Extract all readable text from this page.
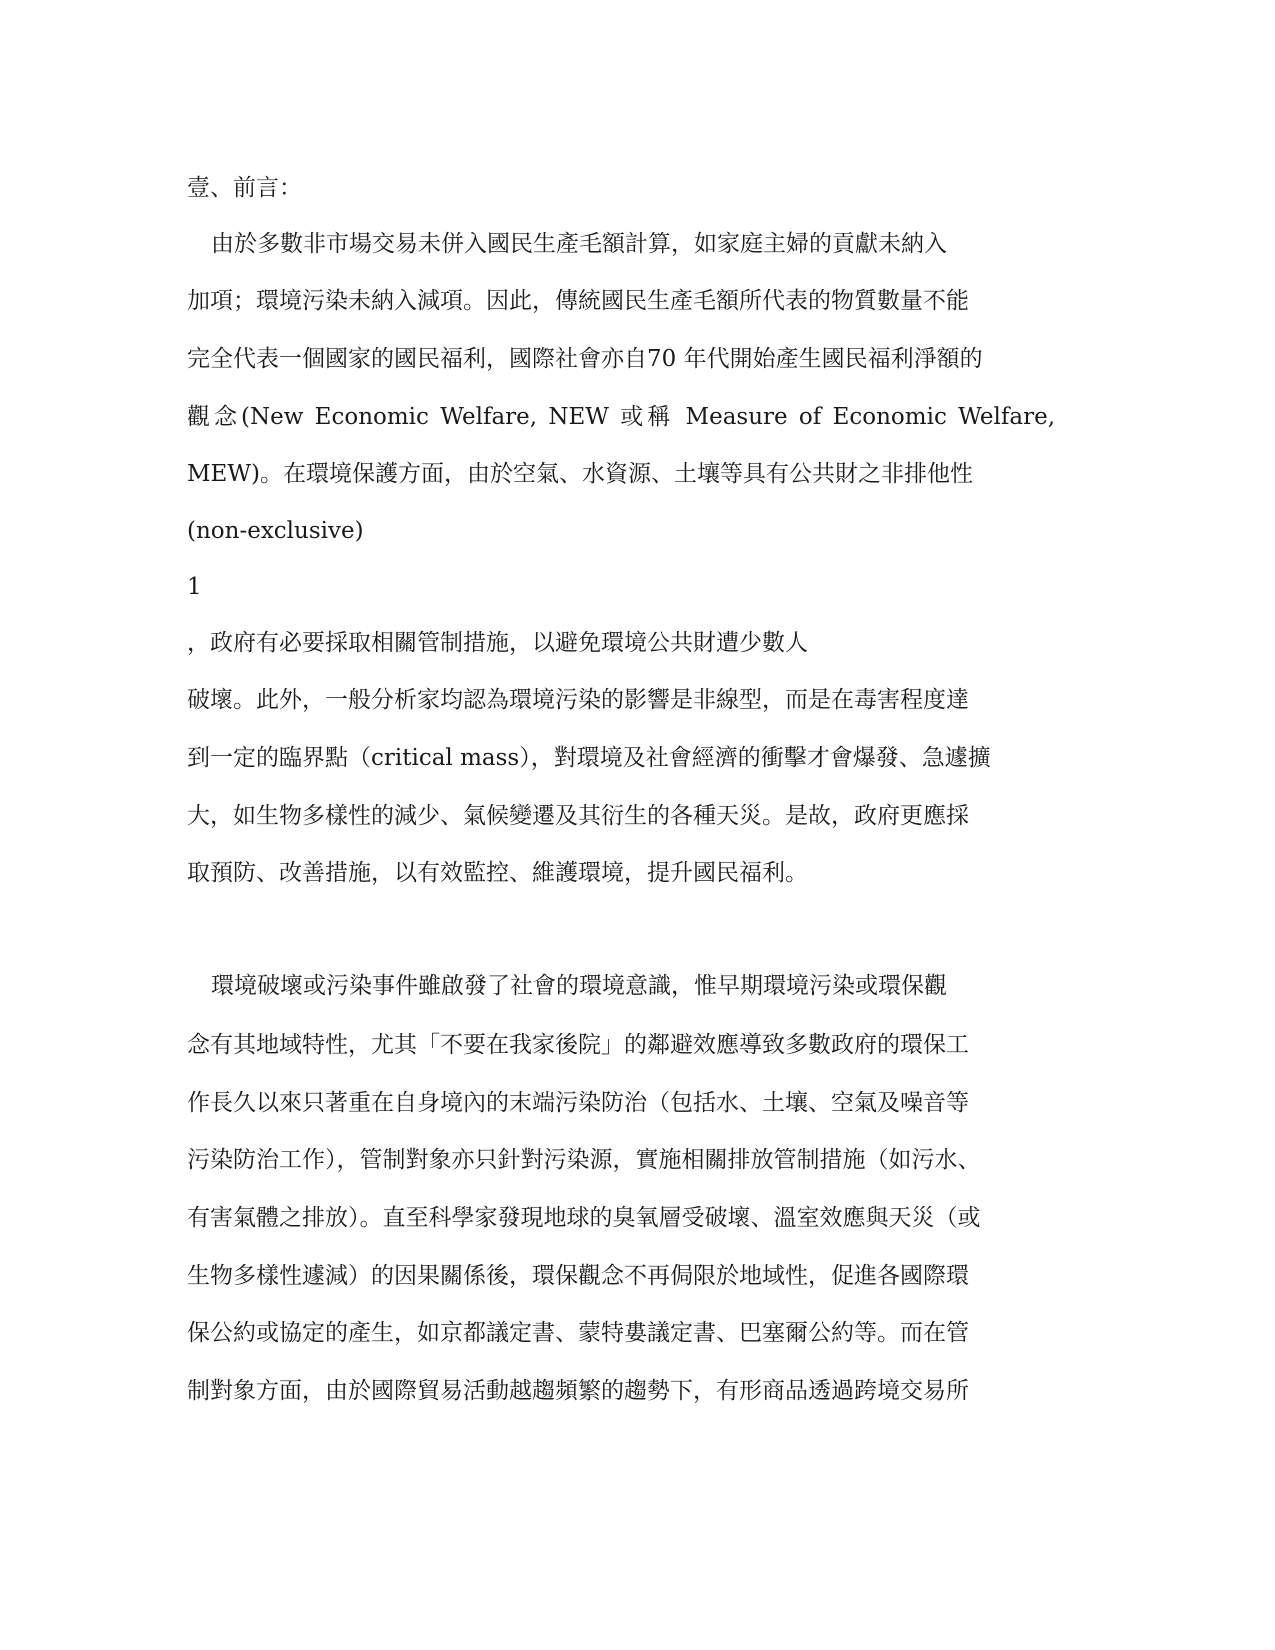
壹、前言：
由於多數非市場交易未併入國民生產毛額計算，如家庭主婦的貢獻未納入
加項；環境污染未納入減項。因此，傳統國民生產毛額所代表的物質數量不能
完全代表一個國家的國民福利，國際社會亦自70 年代開始產生國民福利淨額的
觀念(New Economic Welfare, NEW 或稱 Measure of Economic Welfare,
MEW)。在環境保護方面，由於空氣、水資源、土壤等具有公共財之非排他性
(non-exclusive)
1
，政府有必要採取相關管制措施，以避免環境公共財遭少數人
破壞。此外，一般分析家均認為環境污染的影響是非線型，而是在毒害程度達
到一定的臨界點（critical mass），對環境及社會經濟的衝擊才會爆發、急遽擴
大，如生物多樣性的減少、氣候變遷及其衍生的各種天災。是故，政府更應採
取預防、改善措施，以有效監控、維護環境，提升國民福利。
環境破壞或污染事件雖啟發了社會的環境意識，惟早期環境污染或環保觀
念有其地域特性，尤其「不要在我家後院」的鄰避效應導致多數政府的環保工
作長久以來只著重在自身境內的末端污染防治（包括水、土壤、空氣及噪音等
污染防治工作），管制對象亦只針對污染源，實施相關排放管制措施（如污水、
有害氣體之排放）。直至科學家發現地球的臭氧層受破壞、溫室效應與天災（或
生物多樣性遽減）的因果關係後，環保觀念不再侷限於地域性，促進各國際環
保公約或協定的產生，如京都議定書、蒙特婁議定書、巴塞爾公約等。而在管
制對象方面，由於國際貿易活動越趨頻繁的趨勢下，有形商品透過跨境交易所
